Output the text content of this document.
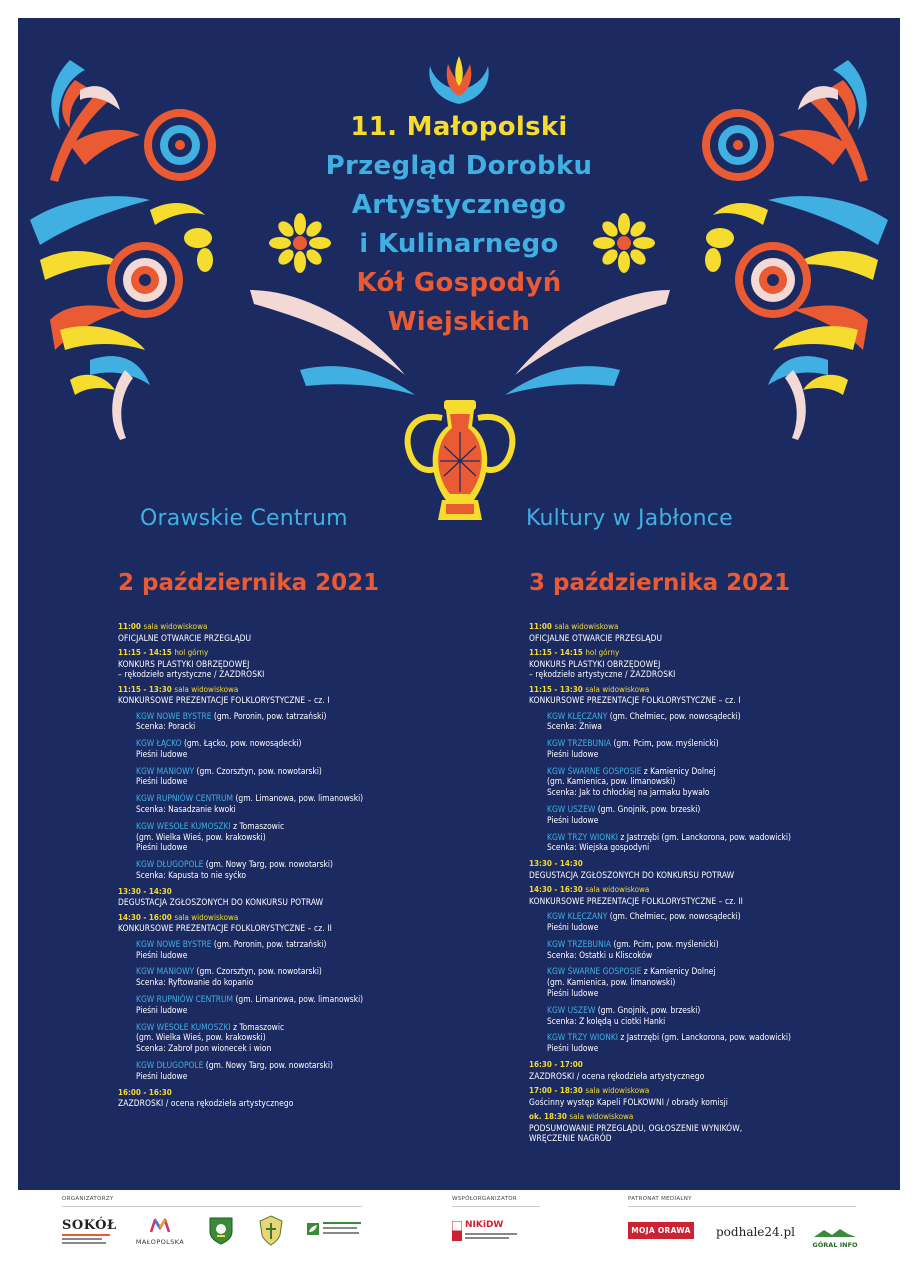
11. Małopolski
Przegląd Dorobku
Artystycznego
i Kulinarnego
Kół Gospodyń
Wiejskich
Orawskie Centrum	Kultury w Jabłonce
2 października 2021	3 października 2021
11:00 sala widowiskowa
OFICJALNE OTWARCIE PRZEGLĄDU
11:15 - 14:15 hol górny
KONKURS PLASTYKI OBRZĘDOWEJ
– rękodzieło artystyczne / ZAZDROSKI
11:15 - 13:30 sala widowiskowa
KONKURSOWE PREZENTACJE FOLKLORYSTYCZNE – cz. I
KGW NOWE BYSTRE (gm. Poronin, pow. tatrzański)
Scenka: Poracki
KGW ŁĄCKO (gm. Łącko, pow. nowosądecki)
Pieśni ludowe
KGW MANIOWY (gm. Czorsztyn, pow. nowotarski)
Pieśni ludowe
KGW RUPNIÓW CENTRUM (gm. Limanowa, pow. limanowski)
Scenka: Nasadzanie kwoki
KGW WESOŁE KUMOSZKI z Tomaszowic
(gm. Wielka Wieś, pow. krakowski)
Pieśni ludowe
KGW DŁUGOPOLE (gm. Nowy Targ, pow. nowotarski)
Scenka: Kapusta to nie syćko
13:30 - 14:30
DEGUSTACJA ZGŁOSZONYCH DO KONKURSU POTRAW
14:30 - 16:00 sala widowiskowa
KONKURSOWE PREZENTACJE FOLKLORYSTYCZNE – cz. II
KGW NOWE BYSTRE (gm. Poronin, pow. tatrzański)
Pieśni ludowe
KGW MANIOWY (gm. Czorsztyn, pow. nowotarski)
Scenka: Ryftowanie do kopanio
KGW RUPNIÓW CENTRUM (gm. Limanowa, pow. limanowski)
Pieśni ludowe
KGW WESOŁE KUMOSZKI z Tomaszowic
(gm. Wielka Wieś, pow. krakowski)
Scenka: Zabroł pon wionecek i wion
KGW DŁUGOPOLE (gm. Nowy Targ, pow. nowotarski)
Pieśni ludowe
16:00 - 16:30
ZAZDROSKI / ocena rękodzieła artystycznego
11:00 sala widowiskowa
OFICJALNE OTWARCIE PRZEGLĄDU
11:15 - 14:15 hol górny
KONKURS PLASTYKI OBRZĘDOWEJ
– rękodzieło artystyczne / ZAZDROSKI
11:15 - 13:30 sala widowiskowa
KONKURSOWE PREZENTACJE FOLKLORYSTYCZNE – cz. I
KGW KLĘCZANY (gm. Chełmiec, pow. nowosądecki)
Scenka: Zniwa
KGW TRZEBUNIA (gm. Pcim, pow. myślenicki)
Pieśni ludowe
KGW ŚWARNE GOSPOSIE z Kamienicy Dolnej
(gm. Kamienica, pow. limanowski)
Scenka: Jak to chłockiej na jarmaku bywało
KGW USZEW (gm. Gnojnik, pow. brzeski)
Pieśni ludowe
KGW TRZY WIONKI z Jastrzębi (gm. Lanckorona, pow. wadowicki)
Scenka: Wiejska gospodyni
13:30 - 14:30
DEGUSTACJA ZGŁOSZONYCH DO KONKURSU POTRAW
14:30 - 16:30 sala widowiskowa
KONKURSOWE PREZENTACJE FOLKLORYSTYCZNE – cz. II
KGW KLĘCZANY (gm. Chełmiec, pow. nowosądecki)
Pieśni ludowe
KGW TRZEBUNIA (gm. Pcim, pow. myślenicki)
Scenka: Ostatki u Kliscoków
KGW ŚWARNE GOSPOSIE z Kamienicy Dolnej
(gm. Kamienica, pow. limanowski)
Pieśni ludowe
KGW USZEW (gm. Gnojnik, pow. brzeski)
Scenka: Z kolędą u ciotki Hanki
KGW TRZY WIONKI z Jastrzębi (gm. Lanckorona, pow. wadowicki)
Pieśni ludowe
16:30 - 17:00
ZAZDROSKI / ocena rękodzieła artystycznego
17:00 - 18:30 sala widowiskowa
Gościnny występ Kapeli FOLKOWNI / obrady komisji
ok. 18:30 sala widowiskowa
PODSUMOWANIE PRZEGLĄDU, OGŁOSZENIE WYNIKÓW,
WRĘCZENIE NAGRÓD
ORGANIZATORZY	WSPÓŁORGANIZATOR	PATRONAT MEDIALNY
SOKÓŁ
MAŁOPOLSKA
NIKiDW
MOJA ORAWA podhale24.pl
GÓRAL INFO
